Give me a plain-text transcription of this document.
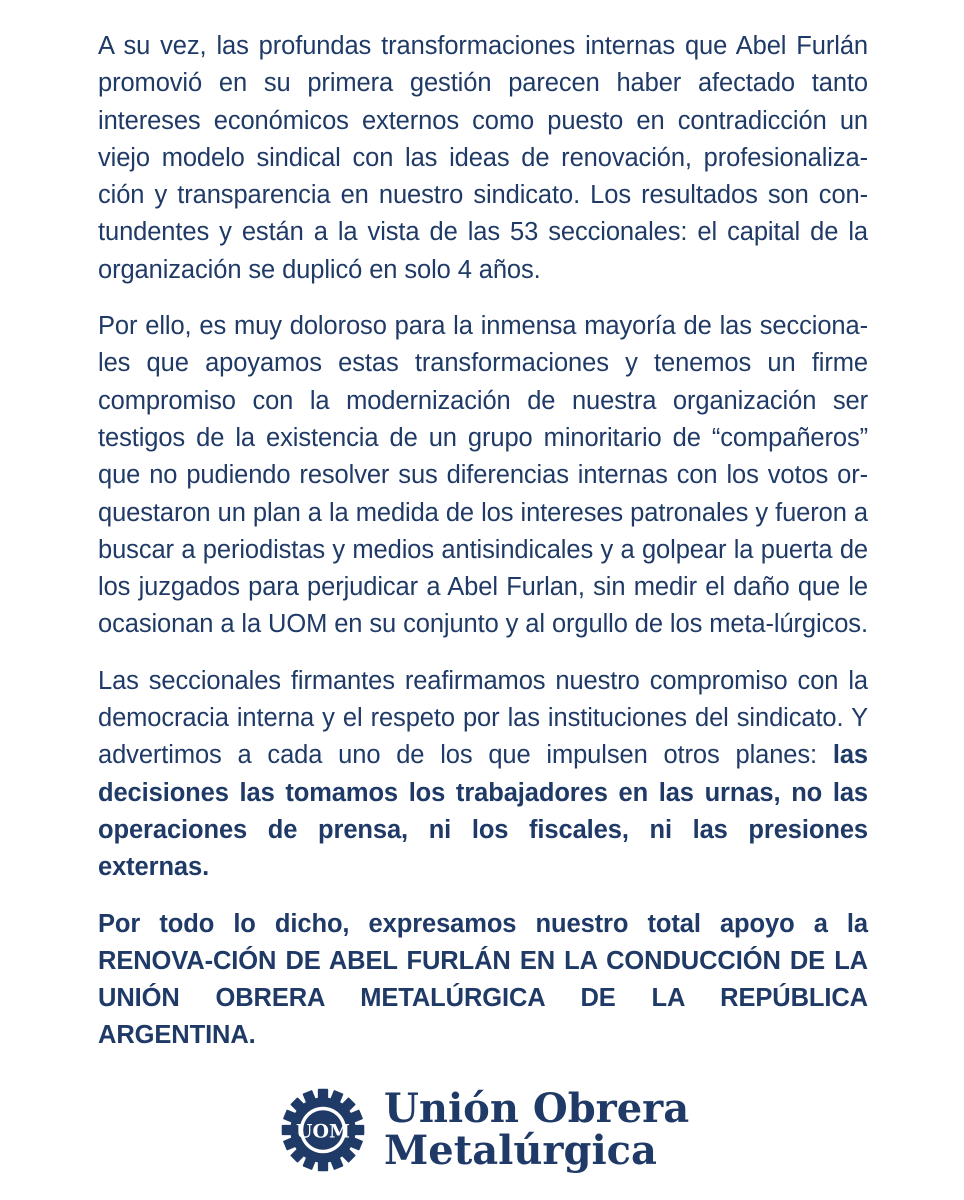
A su vez, las profundas transformaciones internas que Abel Furlán promovió en su primera gestión parecen haber afectado tanto intereses económicos externos como puesto en contradicción un viejo modelo sindical con las ideas de renovación, profesionaliza-ción y transparencia en nuestro sindicato. Los resultados son con-tundentes y están a la vista de las 53 seccionales: el capital de la organización se duplicó en solo 4 años.

Por ello, es muy doloroso para la inmensa mayoría de las secciona-les que apoyamos estas transformaciones y tenemos un firme compromiso con la modernización de nuestra organización ser testigos de la existencia de un grupo minoritario de “compañeros” que no pudiendo resolver sus diferencias internas con los votos or-questaron un plan a la medida de los intereses patronales y fueron a buscar a periodistas y medios antisindicales y a golpear la puerta de los juzgados para perjudicar a Abel Furlan, sin medir el daño que le ocasionan a la UOM en su conjunto y al orgullo de los meta-lúrgicos.

Las seccionales firmantes reafirmamos nuestro compromiso con la democracia interna y el respeto por las instituciones del sindicato. Y advertimos a cada uno de los que impulsen otros planes: las decisiones las tomamos los trabajadores en las urnas, no las operaciones de prensa, ni los fiscales, ni las presiones externas.

Por todo lo dicho, expresamos nuestro total apoyo a la RENOVA-CIÓN DE ABEL FURLÁN EN LA CONDUCCIÓN DE LA UNIÓN OBRERA METALÚRGICA DE LA REPÚBLICA ARGENTINA.

UOM Unión Obrera
Metalúrgica
